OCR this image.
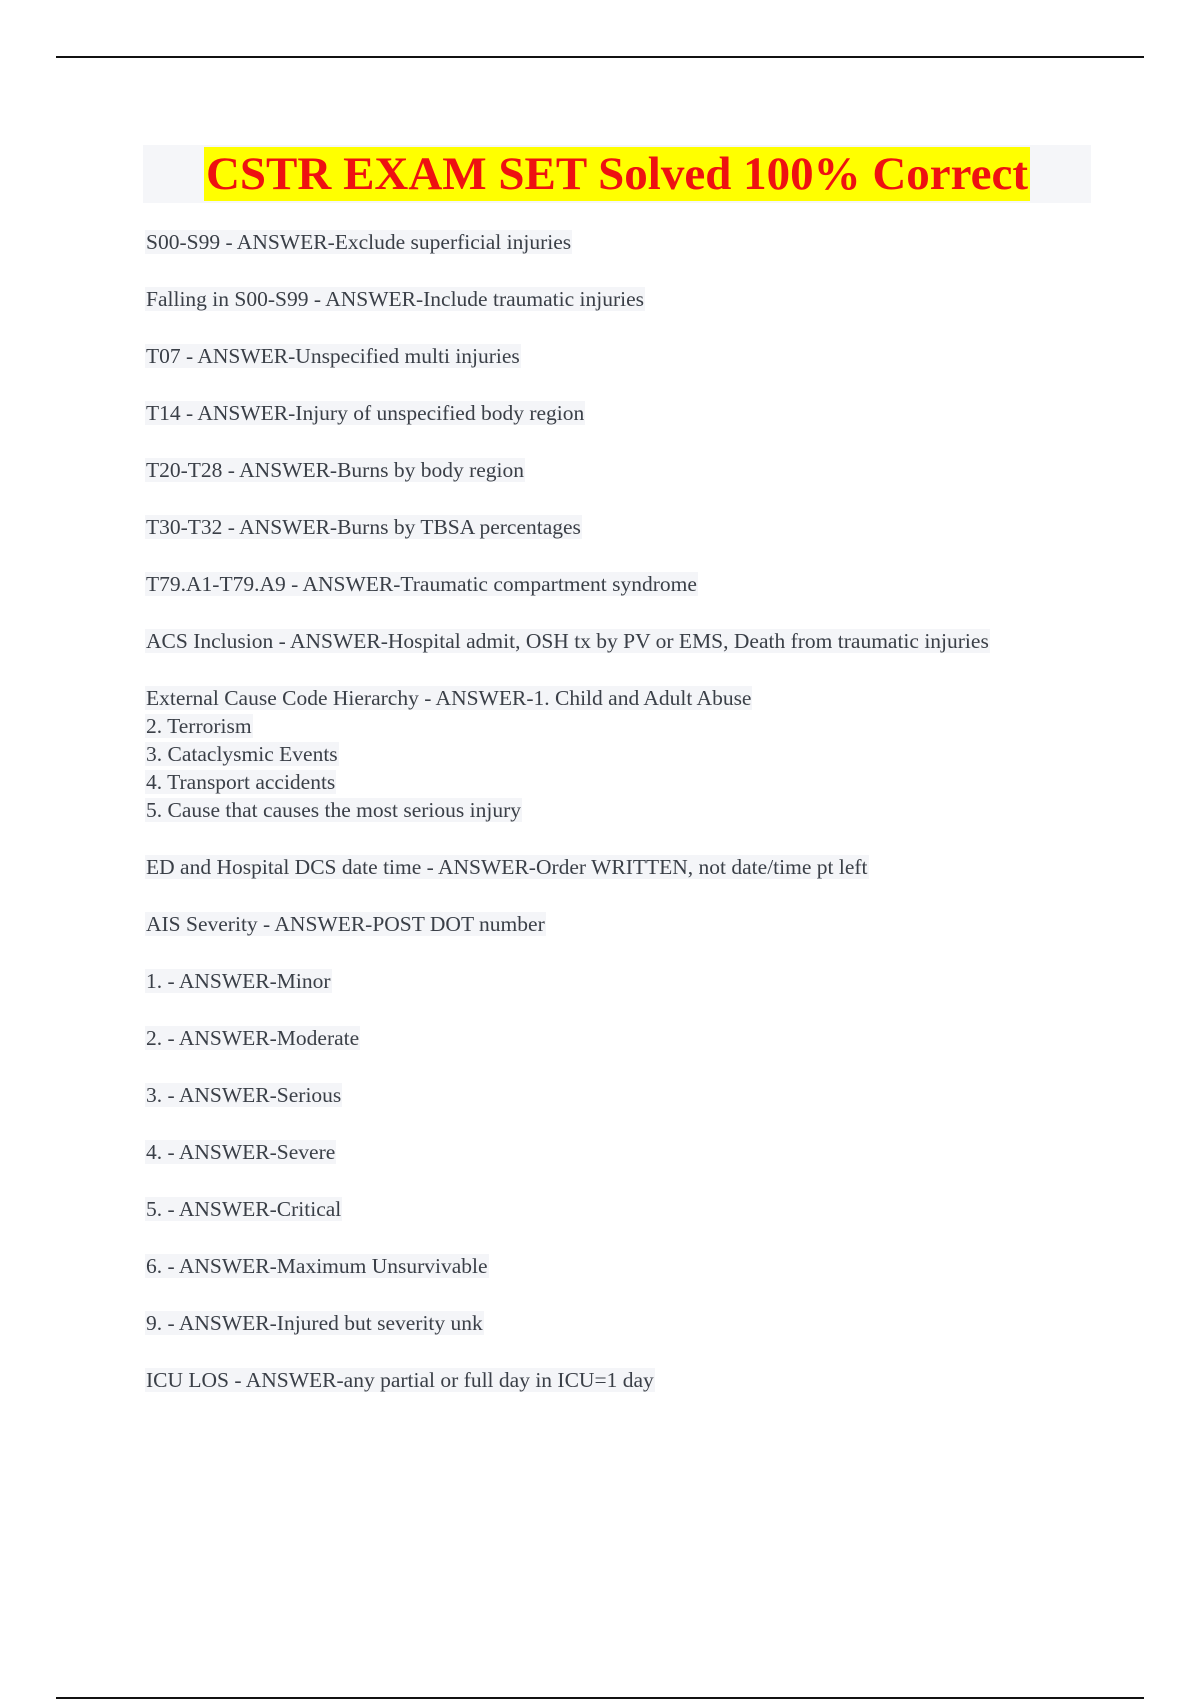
CSTR EXAM SET Solved 100% Correct
S00-S99 - ANSWER-Exclude superficial injuries
Falling in S00-S99 - ANSWER-Include traumatic injuries
T07 - ANSWER-Unspecified multi injuries
T14 - ANSWER-Injury of unspecified body region
T20-T28 - ANSWER-Burns by body region
T30-T32 - ANSWER-Burns by TBSA percentages
T79.A1-T79.A9 - ANSWER-Traumatic compartment syndrome
ACS Inclusion - ANSWER-Hospital admit, OSH tx by PV or EMS, Death from traumatic injuries
External Cause Code Hierarchy - ANSWER-1. Child and Adult Abuse
2. Terrorism
3. Cataclysmic Events
4. Transport accidents
5. Cause that causes the most serious injury
ED and Hospital DCS date time - ANSWER-Order WRITTEN, not date/time pt left
AIS Severity - ANSWER-POST DOT number
1. - ANSWER-Minor
2. - ANSWER-Moderate
3. - ANSWER-Serious
4. - ANSWER-Severe
5. - ANSWER-Critical
6. - ANSWER-Maximum Unsurvivable
9. - ANSWER-Injured but severity unk
ICU LOS - ANSWER-any partial or full day in ICU=1 day
